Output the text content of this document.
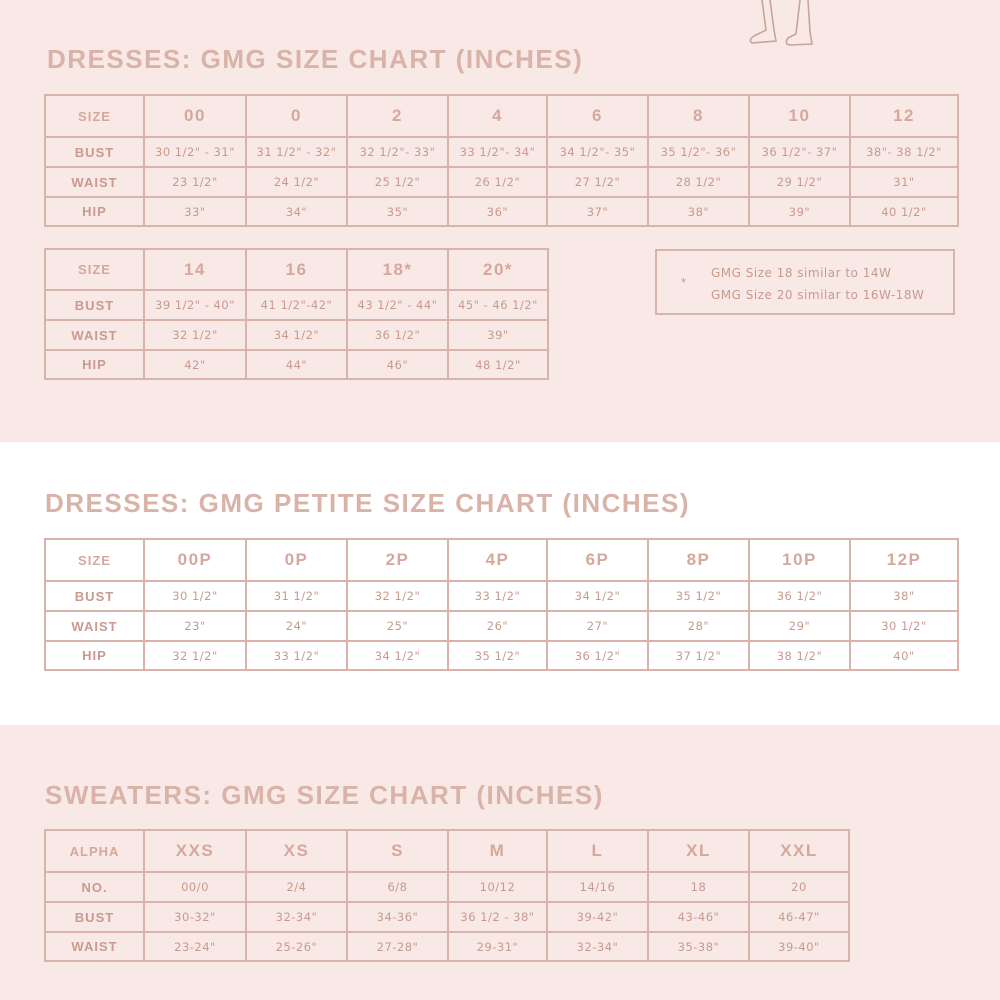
DRESSES: GMG SIZE CHART (INCHES)
SIZE	00	0	2	4	6	8	10	12
BUST	30 1/2" - 31"	31 1/2" - 32"	32 1/2"- 33"	33 1/2"- 34"	34 1/2"- 35"	35 1/2"- 36"	36 1/2"- 37"	38"- 38 1/2"
WAIST	23 1/2"	24 1/2"	25 1/2"	26 1/2"	27 1/2"	28 1/2"	29 1/2"	31"
HIP	33"	34"	35"	36"	37"	38"	39"	40 1/2"
SIZE	14	16	18*	20*
BUST	39 1/2" - 40"	41 1/2"-42"	43 1/2" - 44"	45" - 46 1/2"
WAIST	32 1/2"	34 1/2"	36 1/2"	39"
HIP	42"	44"	46"	48 1/2"
*
GMG Size 18 similar to 14W
GMG Size 20 similar to 16W-18W
DRESSES: GMG PETITE SIZE CHART (INCHES)
SIZE	00P	0P	2P	4P	6P	8P	10P	12P
BUST	30 1/2"	31 1/2"	32 1/2"	33 1/2"	34 1/2"	35 1/2"	36 1/2"	38"
WAIST	23"	24"	25"	26"	27"	28"	29"	30 1/2"
HIP	32 1/2"	33 1/2"	34 1/2"	35 1/2"	36 1/2"	37 1/2"	38 1/2"	40"
SWEATERS: GMG SIZE CHART (INCHES)
ALPHA	XXS	XS	S	M	L	XL	XXL
NO.	00/0	2/4	6/8	10/12	14/16	18	20
BUST	30-32"	32-34"	34-36"	36 1/2 - 38"	39-42"	43-46"	46-47"
WAIST	23-24"	25-26"	27-28"	29-31"	32-34"	35-38"	39-40"
